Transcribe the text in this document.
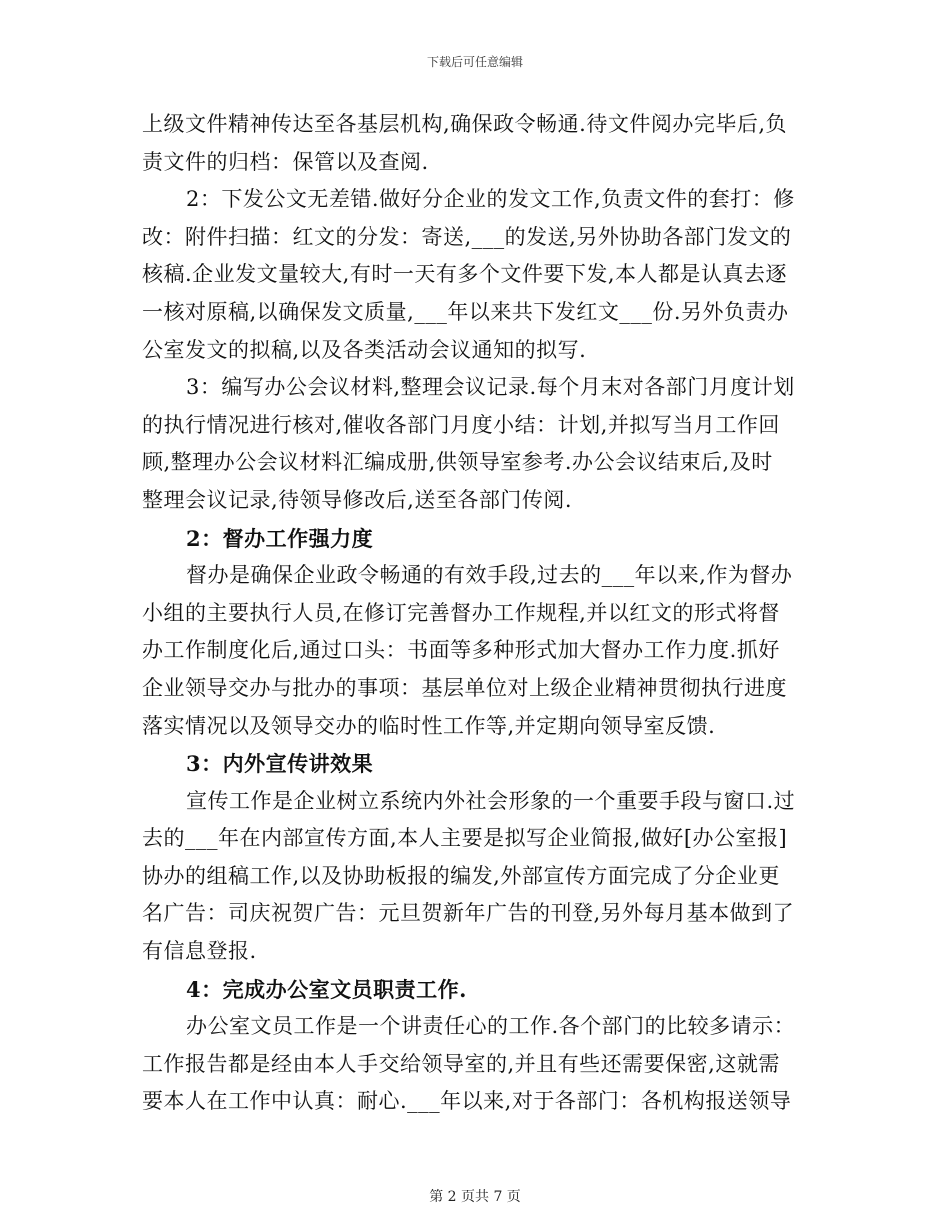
下载后可任意编辑
上级文件精神传达至各基层机构,确保政令畅通.待文件阅办完毕后,负
责文件的归档：保管以及查阅.
2：下发公文无差错.做好分企业的发文工作,负责文件的套打：修
改：附件扫描：红文的分发：寄送,___的发送,另外协助各部门发文的
核稿.企业发文量较大,有时一天有多个文件要下发,本人都是认真去逐
一核对原稿,以确保发文质量,___年以来共下发红文___份.另外负责办
公室发文的拟稿,以及各类活动会议通知的拟写.
3：编写办公会议材料,整理会议记录.每个月末对各部门月度计划
的执行情况进行核对,催收各部门月度小结：计划,并拟写当月工作回
顾,整理办公会议材料汇编成册,供领导室参考.办公会议结束后,及时
整理会议记录,待领导修改后,送至各部门传阅.
2：督办工作强力度
督办是确保企业政令畅通的有效手段,过去的___年以来,作为督办
小组的主要执行人员,在修订完善督办工作规程,并以红文的形式将督
办工作制度化后,通过口头：书面等多种形式加大督办工作力度.抓好
企业领导交办与批办的事项：基层单位对上级企业精神贯彻执行进度
落实情况以及领导交办的临时性工作等,并定期向领导室反馈.
3：内外宣传讲效果
宣传工作是企业树立系统内外社会形象的一个重要手段与窗口.过
去的___年在内部宣传方面,本人主要是拟写企业简报,做好[办公室报]
协办的组稿工作,以及协助板报的编发,外部宣传方面完成了分企业更
名广告：司庆祝贺广告：元旦贺新年广告的刊登,另外每月基本做到了
有信息登报.
4：完成办公室文员职责工作.
办公室文员工作是一个讲责任心的工作.各个部门的比较多请示：
工作报告都是经由本人手交给领导室的,并且有些还需要保密,这就需
要本人在工作中认真：耐心.___年以来,对于各部门：各机构报送领导
第 2 页共 7 页
